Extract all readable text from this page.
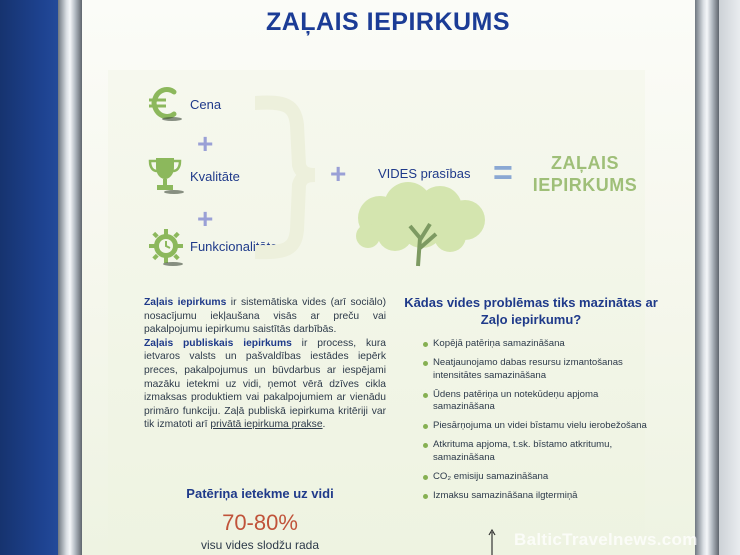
ZAĻAIS IEPIRKUMS
Cena
+
Kvalitāte
+
Funkcionalitāte
+ VIDES prasības =	ZAĻAIS
IEPIRKUMS
Zaļais iepirkums ir sistemātiska vides (arī sociālo) nosacījumu iekļaušana visās ar preču vai pakalpojumu iepirkumu saistītās darbībās.
Zaļais publiskais iepirkums ir process, kura ietvaros valsts un pašvaldības iestādes iepērk preces, pakalpojumus un būvdarbus ar iespējami mazāku ietekmi uz vidi, ņemot vērā dzīves cikla izmaksas produktiem vai pakalpojumiem ar vienādu primāro funkciju. Zaļā publiskā iepirkuma kritēriji var tik izmatoti arī privātā iepirkuma prakse.
Kādas vides problēmas tiks mazinātas ar Zaļo iepirkumu?
Kopējā patēriņa samazināšana
Neatjaunojamo dabas resursu izmantošanas intensitātes samazināšana
Ūdens patēriņa un notekūdeņu apjoma samazināšana
Piesārņojuma un videi bīstamu vielu ierobežošana
Atkrituma apjoma, t.sk. bīstamo atkritumu, samazināšana
CO₂ emisiju samazināšana
Izmaksu samazināšana ilgtermiņā
Patēriņa ietekme uz vidi
70-80%
visu vides slodžu rada	BalticTravelnews.com
